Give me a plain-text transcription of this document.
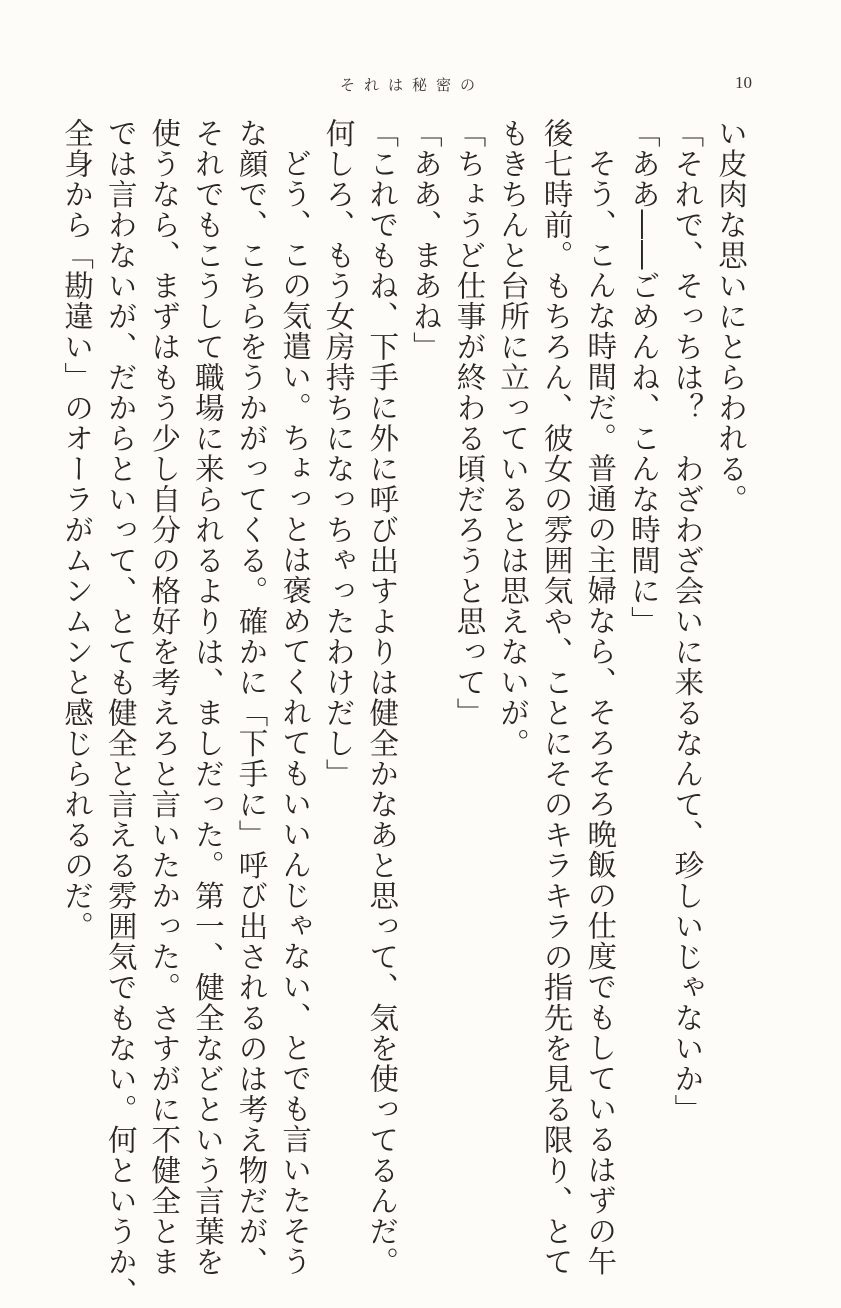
それは秘密の	10
い皮肉な思いにとらわれる。
「それで、そっちは？　わざわざ会いに来るなんて、珍しいじゃないか」
「ああ――ごめんね、こんな時間に」
そう、こんな時間だ。普通の主婦なら、そろそろ晩飯の仕度でもしているはずの午
後七時前。もちろん、彼女の雰囲気や、ことにそのキラキラの指先を見る限り、とて
もきちんと台所に立っているとは思えないが。
「ちょうど仕事が終わる頃だろうと思って」
「ああ、まあね」
「これでもね、下手に外に呼び出すよりは健全かなあと思って、気を使ってるんだ。
何しろ、もう女房持ちになっちゃったわけだし」
どう、この気遣い。ちょっとは褒めてくれてもいいんじゃない、とでも言いたそう
な顔で、こちらをうかがってくる。確かに「下手に」呼び出されるのは考え物だが、
それでもこうして職場に来られるよりは、ましだった。第一、健全などという言葉を
使うなら、まずはもう少し自分の格好を考えろと言いたかった。さすがに不健全とま
では言わないが、だからといって、とても健全と言える雰囲気でもない。何というか、
全身から「勘違い」のオーラがムンムンと感じられるのだ。
